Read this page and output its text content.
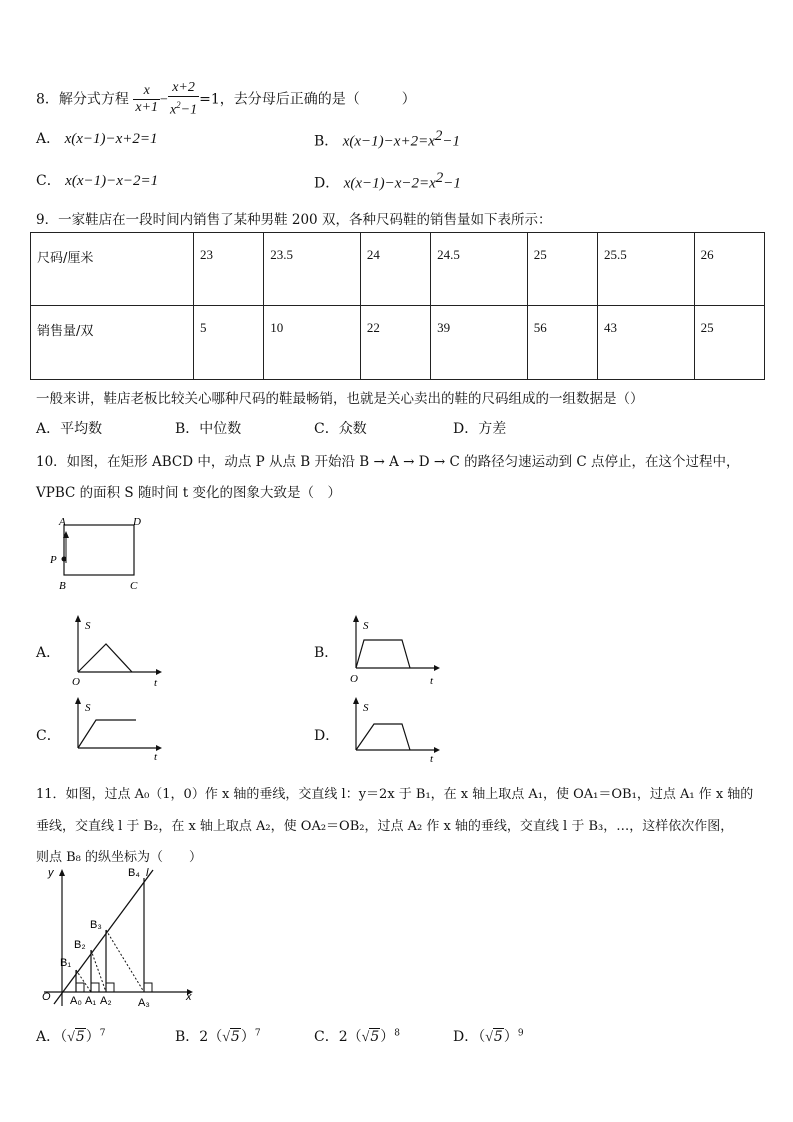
8．解分式方程 $\frac{x}{x+1} - \frac{x+2}{x^2-1} =1$，去分母后正确的是（　　　）
A． x(x−1)−x+2=1	B． $x(x-1)-x+2=x^2-1$
C． x(x−1)−x−2=1	D． $x(x-1)-x-2=x^2-1$
9．一家鞋店在一段时间内销售了某种男鞋 200 双，各种尺码鞋的销售量如下表所示：
尺码/厘米	23	23.5	24	24.5	25	25.5	26
销售量/双	5	10	22	39	56	43	25
一般来讲，鞋店老板比较关心哪种尺码的鞋最畅销，也就是关心卖出的鞋的尺码组成的一组数据是（）
A．平均数	B．中位数	C．众数	D．方差
10．如图，在矩形 ABCD 中，动点 P 从点 B 开始沿 B → A → D → C 的路径匀速运动到 C 点停止，在这个过程中，
VPBC 的面积 S 随时间 t 变化的图象大致是（　）
A	D
P
B	C
A．
S
O	t
B．
S
O	t
C．
S
t
D．
S
t
11．如图，过点 A₀（1，0）作 x 轴的垂线，交直线 l：y＝2x 于 B₁，在 x 轴上取点 A₁，使 OA₁＝OB₁，过点 A₁ 作 x 轴的
垂线，交直线 l 于 B₂，在 x 轴上取点 A₂，使 OA₂＝OB₂，过点 A₂ 作 x 轴的垂线，交直线 l 于 B₃，…，这样依次作图，
则点 B₈ 的纵坐标为（　　）
y
x
O
l
B₁
B₂
B₃
B₄
A₀ A₁ A₂ A₃
A．$(√5)^7$	B．$2(√5)^7$	C．$2(√5)^8$	D．$(√5)^9$
